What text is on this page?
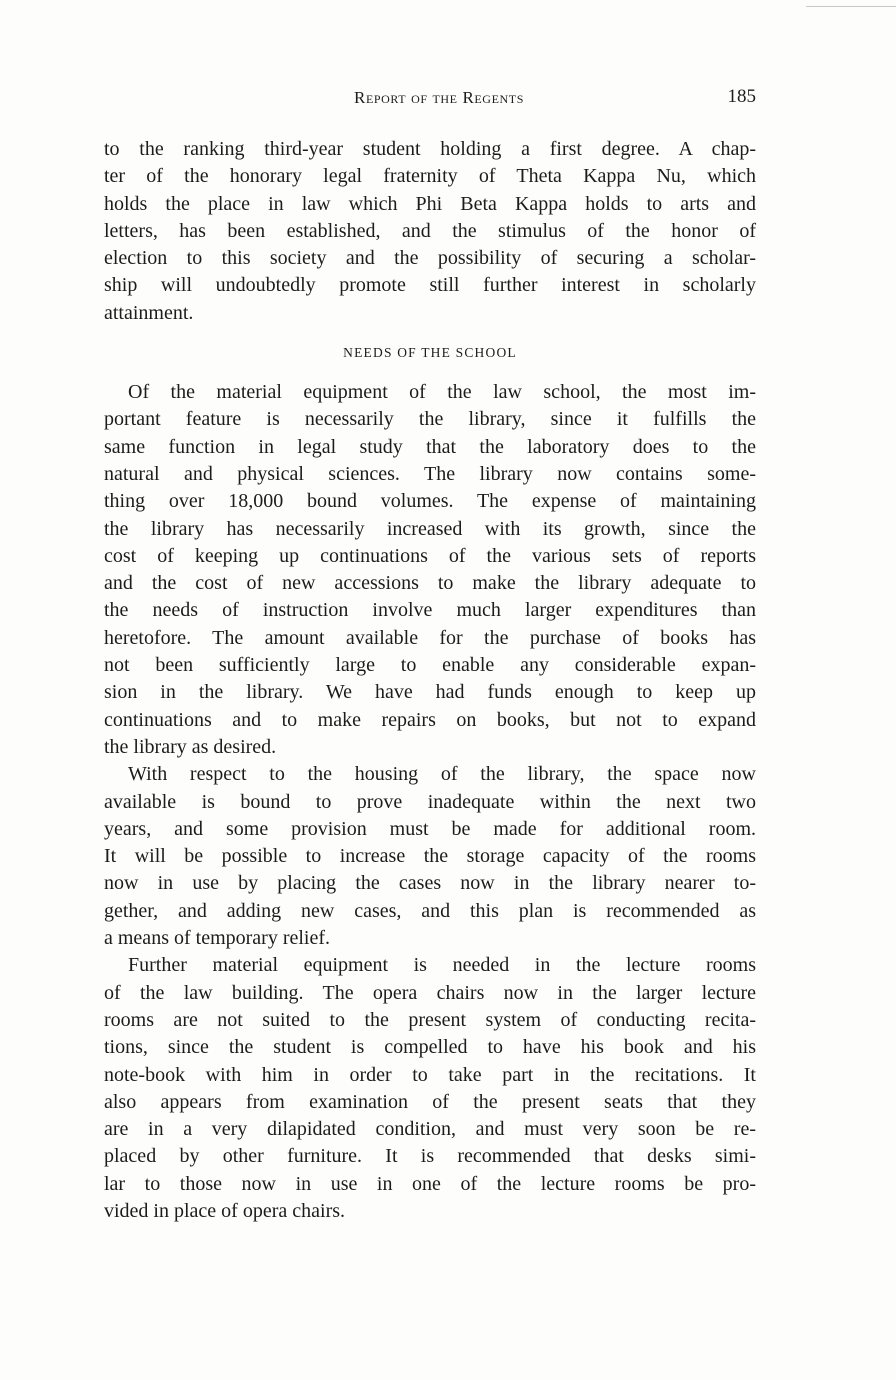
Report of the Regents	185
to the ranking third-year student holding a first degree. A chap-
ter of the honorary legal fraternity of Theta Kappa Nu, which
holds the place in law which Phi Beta Kappa holds to arts and
letters, has been established, and the stimulus of the honor of
election to this society and the possibility of securing a scholar-
ship will undoubtedly promote still further interest in scholarly
attainment.
NEEDS OF THE SCHOOL
Of the material equipment of the law school, the most im-
portant feature is necessarily the library, since it fulfills the
same function in legal study that the laboratory does to the
natural and physical sciences. The library now contains some-
thing over 18,000 bound volumes. The expense of maintaining
the library has necessarily increased with its growth, since the
cost of keeping up continuations of the various sets of reports
and the cost of new accessions to make the library adequate to
the needs of instruction involve much larger expenditures than
heretofore. The amount available for the purchase of books has
not been sufficiently large to enable any considerable expan-
sion in the library. We have had funds enough to keep up
continuations and to make repairs on books, but not to expand
the library as desired.
With respect to the housing of the library, the space now
available is bound to prove inadequate within the next two
years, and some provision must be made for additional room.
It will be possible to increase the storage capacity of the rooms
now in use by placing the cases now in the library nearer to-
gether, and adding new cases, and this plan is recommended as
a means of temporary relief.
Further material equipment is needed in the lecture rooms
of the law building. The opera chairs now in the larger lecture
rooms are not suited to the present system of conducting recita-
tions, since the student is compelled to have his book and his
note-book with him in order to take part in the recitations. It
also appears from examination of the present seats that they
are in a very dilapidated condition, and must very soon be re-
placed by other furniture. It is recommended that desks simi-
lar to those now in use in one of the lecture rooms be pro-
vided in place of opera chairs.
